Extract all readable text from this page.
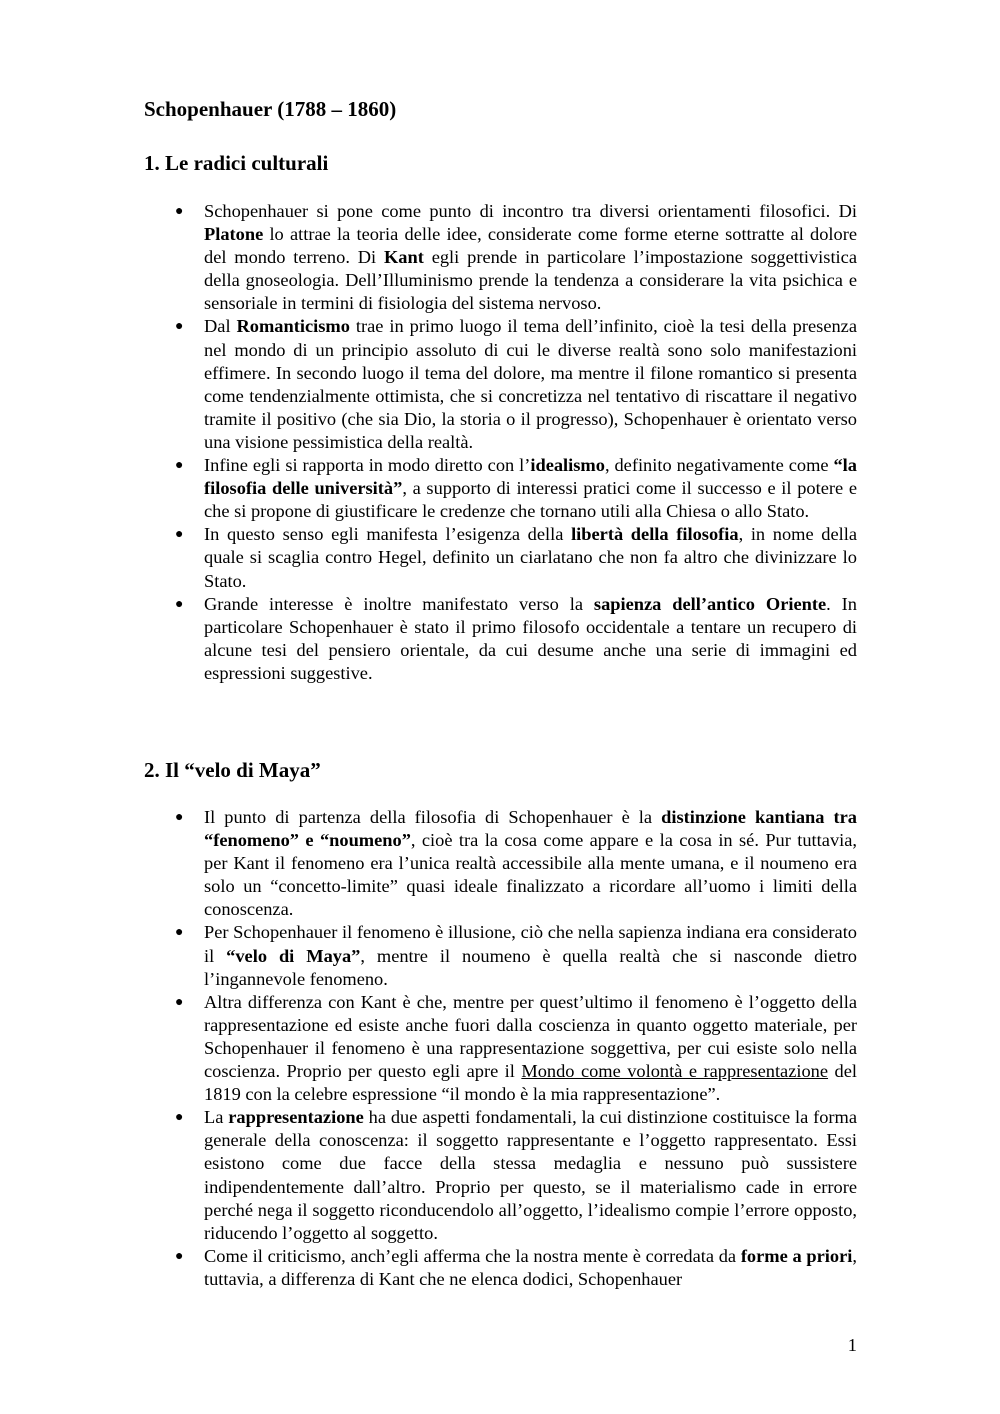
Schopenhauer (1788 – 1860)
1. Le radici culturali
●
Schopenhauer si pone come punto di incontro tra diversi orientamenti filosofici. Di Platone lo attrae la teoria delle idee, considerate come forme eterne sottratte al dolore del mondo terreno. Di Kant egli prende in particolare l’impostazione soggettivistica della gnoseologia. Dell’Illuminismo prende la tendenza a considerare la vita psichica e sensoriale in termini di fisiologia del sistema nervoso.
●
Dal Romanticismo trae in primo luogo il tema dell’infinito, cioè la tesi della presenza nel mondo di un principio assoluto di cui le diverse realtà sono solo manifestazioni effimere. In secondo luogo il tema del dolore, ma mentre il filone romantico si presenta come tendenzialmente ottimista, che si concretizza nel tentativo di riscattare il negativo tramite il positivo (che sia Dio, la storia o il progresso), Schopenhauer è orientato verso una visione pessimistica della realtà.
●
Infine egli si rapporta in modo diretto con l’idealismo, definito negativamente come “la filosofia delle università”, a supporto di interessi pratici come il successo e il potere e che si propone di giustificare le credenze che tornano utili alla Chiesa o allo Stato.
●
In questo senso egli manifesta l’esigenza della libertà della filosofia, in nome della quale si scaglia contro Hegel, definito un ciarlatano che non fa altro che divinizzare lo Stato.
●
Grande interesse è inoltre manifestato verso la sapienza dell’antico Oriente. In particolare Schopenhauer è stato il primo filosofo occidentale a tentare un recupero di alcune tesi del pensiero orientale, da cui desume anche una serie di immagini ed espressioni suggestive.
2. Il “velo di Maya”
●
Il punto di partenza della filosofia di Schopenhauer è la distinzione kantiana tra “fenomeno” e “noumeno”, cioè tra la cosa come appare e la cosa in sé. Pur tuttavia, per Kant il fenomeno era l’unica realtà accessibile alla mente umana, e il noumeno era solo un “concetto-limite” quasi ideale finalizzato a ricordare all’uomo i limiti della conoscenza.
●
Per Schopenhauer il fenomeno è illusione, ciò che nella sapienza indiana era considerato il “velo di Maya”, mentre il noumeno è quella realtà che si nasconde dietro l’ingannevole fenomeno.
●
Altra differenza con Kant è che, mentre per quest’ultimo il fenomeno è l’oggetto della rappresentazione ed esiste anche fuori dalla coscienza in quanto oggetto materiale, per Schopenhauer il fenomeno è una rappresentazione soggettiva, per cui esiste solo nella coscienza. Proprio per questo egli apre il Mondo come volontà e rappresentazione del 1819 con la celebre espressione “il mondo è la mia rappresentazione”.
●
La rappresentazione ha due aspetti fondamentali, la cui distinzione costituisce la forma generale della conoscenza: il soggetto rappresentante e l’oggetto rappresentato. Essi esistono come due facce della stessa medaglia e nessuno può sussistere indipendentemente dall’altro. Proprio per questo, se il materialismo cade in errore perché nega il soggetto riconducendolo all’oggetto, l’idealismo compie l’errore opposto, riducendo l’oggetto al soggetto.
●
Come il criticismo, anch’egli afferma che la nostra mente è corredata da forme a priori, tuttavia, a differenza di Kant che ne elenca dodici, Schopenhauer
1
